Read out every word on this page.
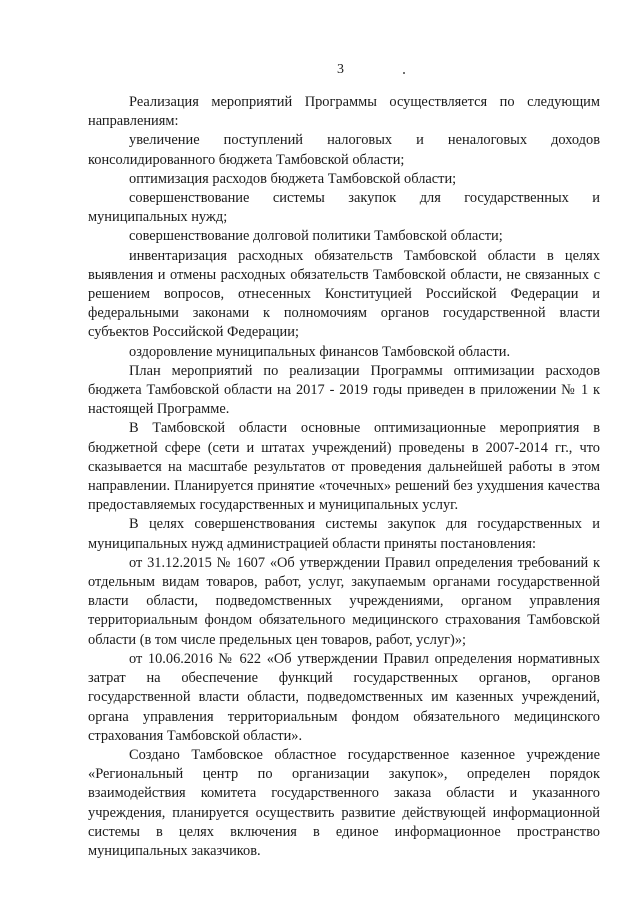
3

Реализация мероприятий Программы осуществляется по следующим направлениям:

увеличение поступлений налоговых и неналоговых доходов консолидированного бюджета Тамбовской области;

оптимизация расходов бюджета Тамбовской области;

совершенствование системы закупок для государственных и муниципальных нужд;

совершенствование долговой политики Тамбовской области;

инвентаризация расходных обязательств Тамбовской области в целях выявления и отмены расходных обязательств Тамбовской области, не связанных с решением вопросов, отнесенных Конституцией Российской Федерации и федеральными законами к полномочиям органов государственной власти субъектов Российской Федерации;

оздоровление муниципальных финансов Тамбовской области.

План мероприятий по реализации Программы оптимизации расходов бюджета Тамбовской области на 2017 - 2019 годы приведен в приложении № 1 к настоящей Программе.

В Тамбовской области основные оптимизационные мероприятия в бюджетной сфере (сети и штатах учреждений) проведены в 2007-2014 гг., что сказывается на масштабе результатов от проведения дальнейшей работы в этом направлении. Планируется принятие «точечных» решений без ухудшения качества предоставляемых государственных и муниципальных услуг.

В целях совершенствования системы закупок для государственных и муниципальных нужд администрацией области приняты постановления:

от 31.12.2015 № 1607 «Об утверждении Правил определения требований к отдельным видам товаров, работ, услуг, закупаемым органами государственной власти области, подведомственных учреждениями, органом управления территориальным фондом обязательного медицинского страхования Тамбовской области (в том числе предельных цен товаров, работ, услуг)»;

от 10.06.2016 № 622 «Об утверждении Правил определения нормативных затрат на обеспечение функций государственных органов, органов государственной власти области, подведомственных им казенных учреждений, органа управления территориальным фондом обязательного медицинского страхования Тамбовской области».

Создано Тамбовское областное государственное казенное учреждение «Региональный центр по организации закупок», определен порядок взаимодействия комитета государственного заказа области и указанного учреждения, планируется осуществить развитие действующей информационной системы в целях включения в единое информационное пространство муниципальных заказчиков.
